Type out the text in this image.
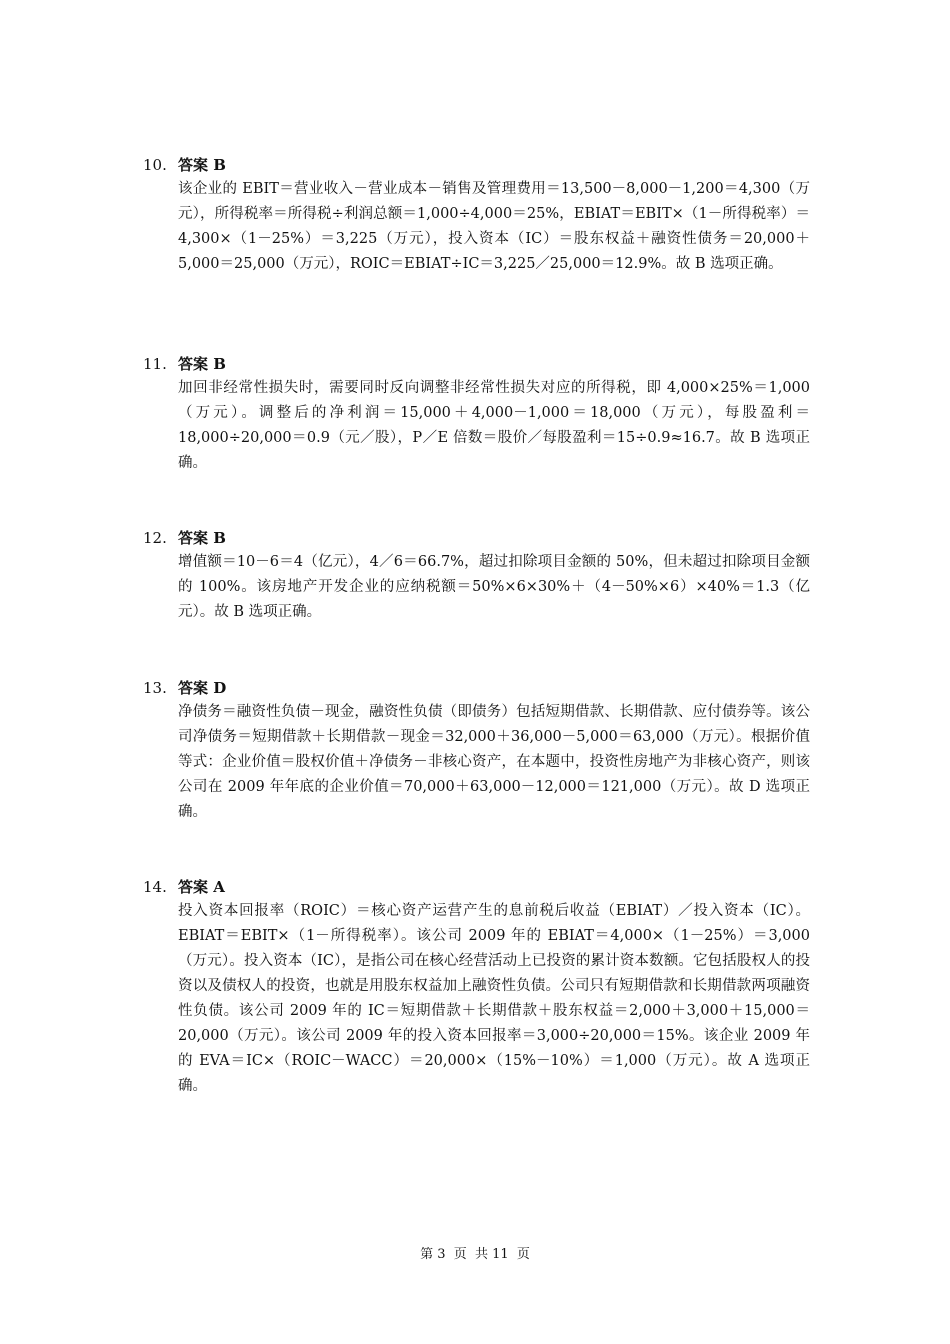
10. 答案 B
该企业的 EBIT＝营业收入－营业成本－销售及管理费用＝13,500－8,000－1,200＝4,300（万元），所得税率＝所得税÷利润总额＝1,000÷4,000＝25%，EBIAT＝EBIT×（1－所得税率）＝4,300×（1－25%）＝3,225（万元），投入资本（IC）＝股东权益＋融资性债务＝20,000＋5,000＝25,000（万元），ROIC＝EBIAT÷IC＝3,225／25,000＝12.9%。故 B 选项正确。
11. 答案 B
加回非经常性损失时，需要同时反向调整非经常性损失对应的所得税，即 4,000×25%＝1,000（万元）。调整后的净利润＝15,000＋4,000－1,000＝18,000（万元），每股盈利＝18,000÷20,000＝0.9（元／股），P／E 倍数＝股价／每股盈利＝15÷0.9≈16.7。故 B 选项正确。
12. 答案 B
增值额＝10－6＝4（亿元），4／6＝66.7%，超过扣除项目金额的 50%，但未超过扣除项目金额的 100%。该房地产开发企业的应纳税额＝50%×6×30%＋（4－50%×6）×40%＝1.3（亿元）。故 B 选项正确。
13. 答案 D
净债务＝融资性负债－现金，融资性负债（即债务）包括短期借款、长期借款、应付债券等。该公司净债务＝短期借款＋长期借款－现金＝32,000＋36,000－5,000＝63,000（万元）。根据价值等式：企业价值＝股权价值＋净债务－非核心资产，在本题中，投资性房地产为非核心资产，则该公司在 2009 年年底的企业价值＝70,000＋63,000－12,000＝121,000（万元）。故 D 选项正确。
14. 答案 A
投入资本回报率（ROIC）＝核心资产运营产生的息前税后收益（EBIAT）／投入资本（IC）。EBIAT＝EBIT×（1－所得税率）。该公司 2009 年的 EBIAT＝4,000×（1－25%）＝3,000（万元）。投入资本（IC），是指公司在核心经营活动上已投资的累计资本数额。它包括股权人的投资以及债权人的投资，也就是用股东权益加上融资性负债。公司只有短期借款和长期借款两项融资性负债。该公司 2009 年的 IC＝短期借款＋长期借款＋股东权益＝2,000＋3,000＋15,000＝20,000（万元）。该公司 2009 年的投入资本回报率＝3,000÷20,000＝15%。该企业 2009 年的 EVA＝IC×（ROIC－WACC）＝20,000×（15%－10%）＝1,000（万元）。故 A 选项正确。
第 3  页  共 11  页
